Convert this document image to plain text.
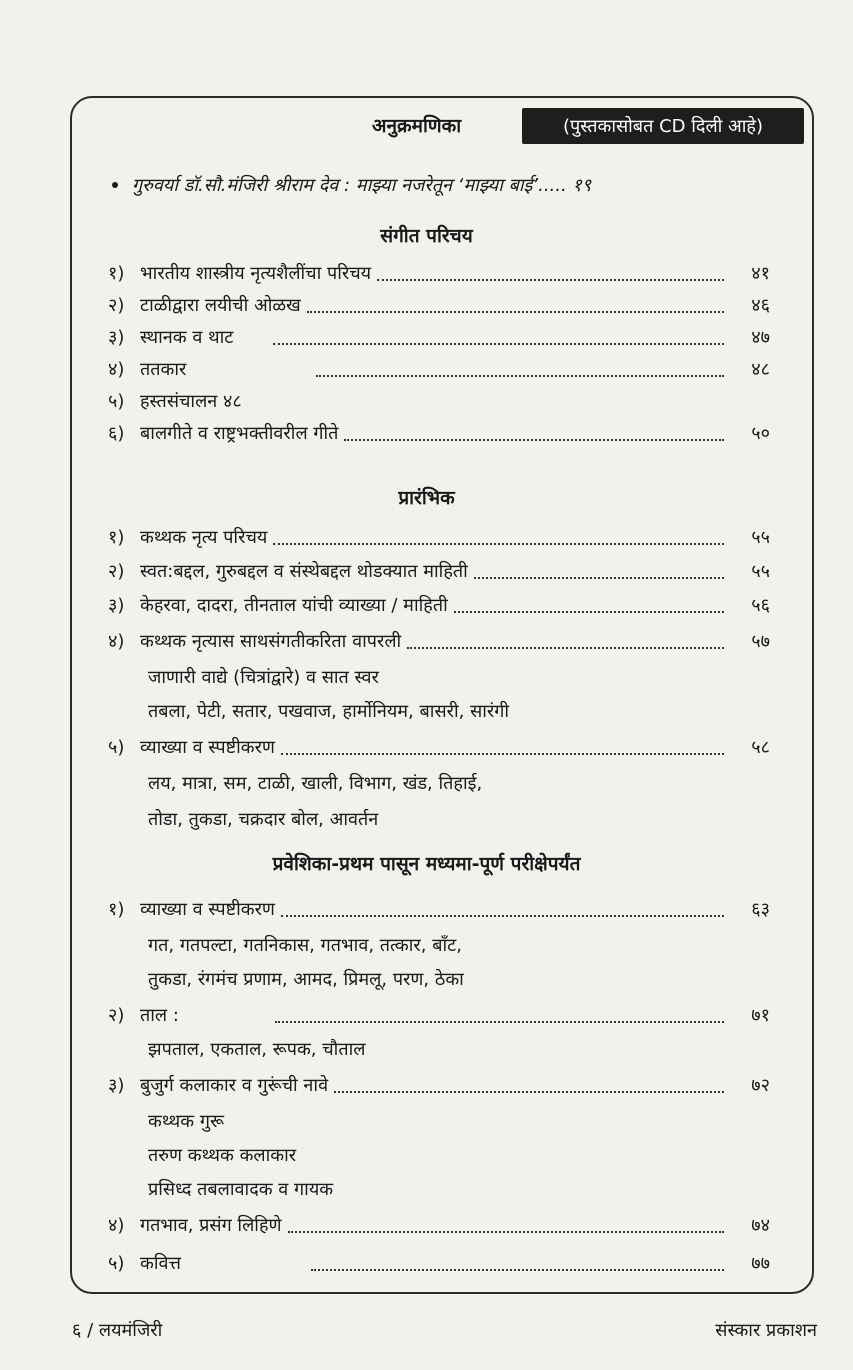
अनुक्रमणिका	(पुस्तकासोबत CD दिली आहे)
गुरुवर्या डॉ.सौ.मंजिरी श्रीराम देव : माझ्या नजरेतून ‘माझ्या बाई’..... १९
संगीत परिचय
१) भारतीय शास्त्रीय नृत्यशैलींचा परिचय	४१
२) टाळीद्वारा लयीची ओळख	४६
३) स्थानक व थाट	४७
४) ततकार	४८
५) हस्तसंचालन ४८
६) बालगीते व राष्ट्रभक्तीवरील गीते	५०
प्रारंभिक
१) कथ्थक नृत्य परिचय	५५
२) स्वत:बद्दल, गुरुबद्दल व संस्थेबद्दल थोडक्यात माहिती	५५
३) केहरवा, दादरा, तीनताल यांची व्याख्या / माहिती	५६
४) कथ्थक नृत्यास साथसंगतीकरिता वापरली	५७
जाणारी वाद्ये (चित्रांद्वारे) व सात स्वर
तबला, पेटी, सतार, पखवाज, हार्मोनियम, बासरी, सारंगी
५) व्याख्या व स्पष्टीकरण	५८
लय, मात्रा, सम, टाळी, खाली, विभाग, खंड, तिहाई,
तोडा, तुकडा, चक्रदार बोल, आवर्तन
प्रवेशिका-प्रथम पासून मध्यमा-पूर्ण परीक्षेपर्यंत
१) व्याख्या व स्पष्टीकरण	६३
गत, गतपल्टा, गतनिकास, गतभाव, तत्कार, बाँट,
तुकडा, रंगमंच प्रणाम, आमद, प्रिमलू, परण, ठेका
२) ताल :	७१
झपताल, एकताल, रूपक, चौताल
३) बुजुर्ग कलाकार व गुरूंची नावे	७२
कथ्थक गुरू
तरुण कथ्थक कलाकार
प्रसिध्द तबलावादक व गायक
४) गतभाव, प्रसंग लिहिणे	७४
५) कवित्त	७७
६ / लयमंजिरी	संस्कार प्रकाशन
